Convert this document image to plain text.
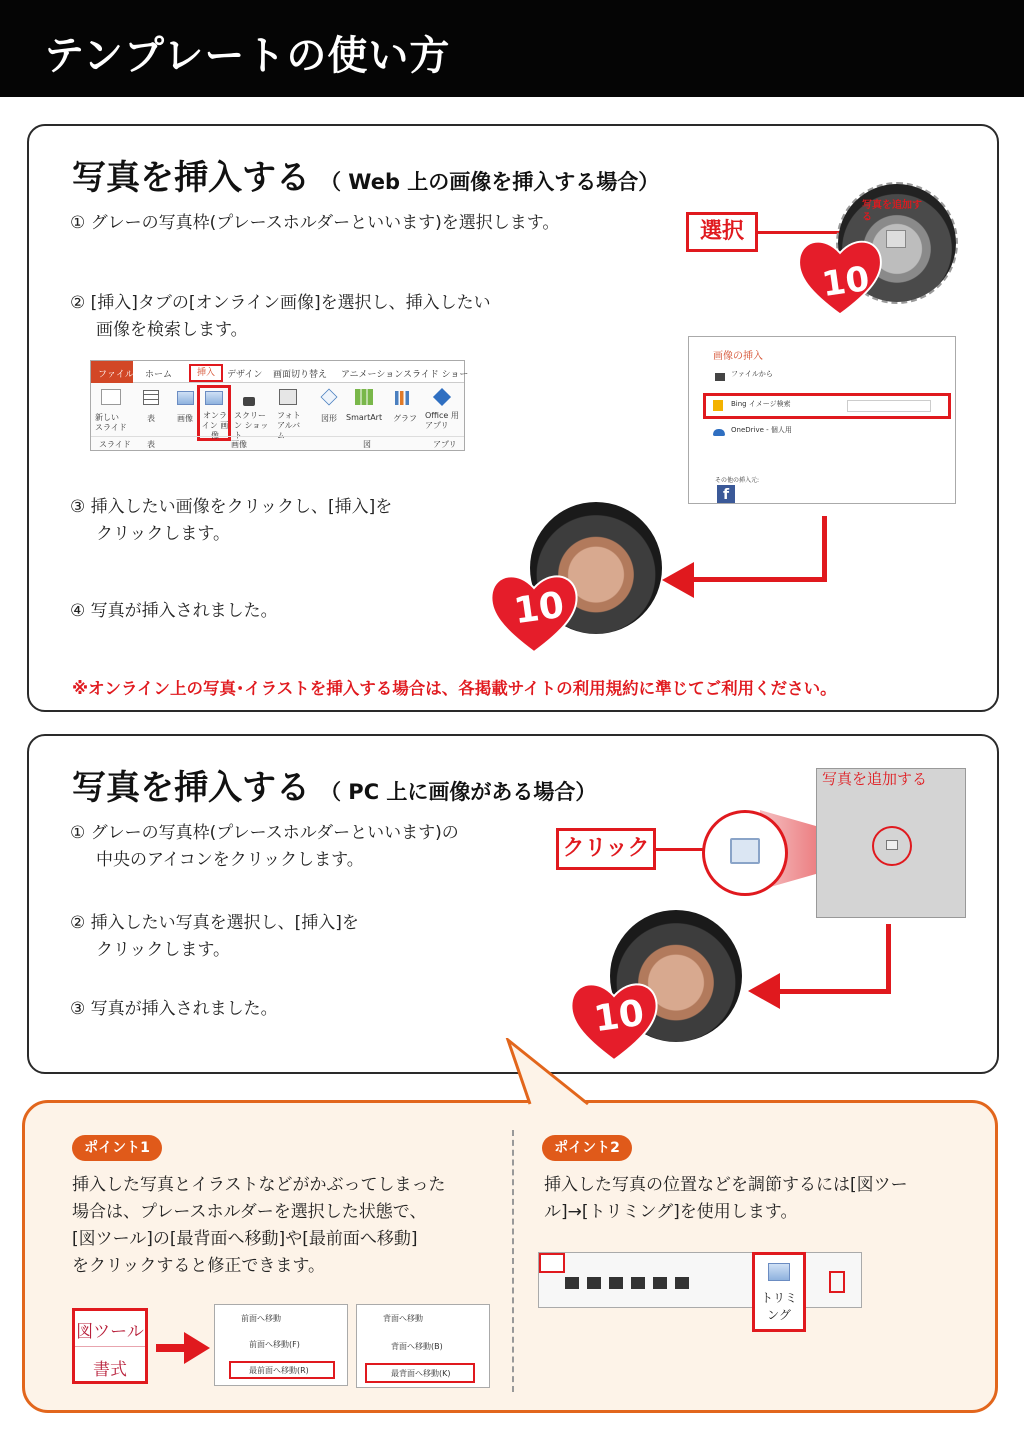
テンプレートの使い方
写真を挿入する （ Web 上の画像を挿入する場合）
① グレーの写真枠(プレースホルダーといいます)を選択します。
② [挿入]タブの[オンライン画像]を選択し、挿入したい
画像を検索します。
ファイル ホーム	挿入	デザイン 画面切り替え アニメーション スライド ショー
新しい スライド
表	画像 オンライン 画
スクリーン ショッ
フォト アルバ
図形 SmartArt グラフ Office 用 アプリ
スライド 表	画像	図	アプリ
③ 挿入したい画像をクリックし、[挿入]を
クリックします。
④ 写真が挿入されました。
選択
写真を追加する
10
画像の挿入
ファイルから
Bing イメージ検索
OneDrive - 個人用
その他の挿入元:
f
10
※オンライン上の写真･イラストを挿入する場合は、各掲載サイトの利用規約に準じてご利用ください。
写真を挿入する （ PC 上に画像がある場合）
① グレーの写真枠(プレースホルダーといいます)の
中央のアイコンをクリックします。
② 挿入したい写真を選択し、[挿入]を
クリックします。
③ 写真が挿入されました。
クリック
写真を追加する
10
ポイント1
挿入した写真とイラストなどがかぶってしまった
場合は、プレースホルダーを選択した状態で、
[図ツール]の[最背面へ移動]や[最前面へ移動]
をクリックすると修正できます。
図ツール
書式
前面へ移動
前面へ移動(F)
最前面へ移動(R)
背面へ移動
背面へ移動(B)
最背面へ移動(K)
ポイント2
挿入した写真の位置などを調節するには[図ツー
ル]→[トリミング]を使用します。
トリミング
